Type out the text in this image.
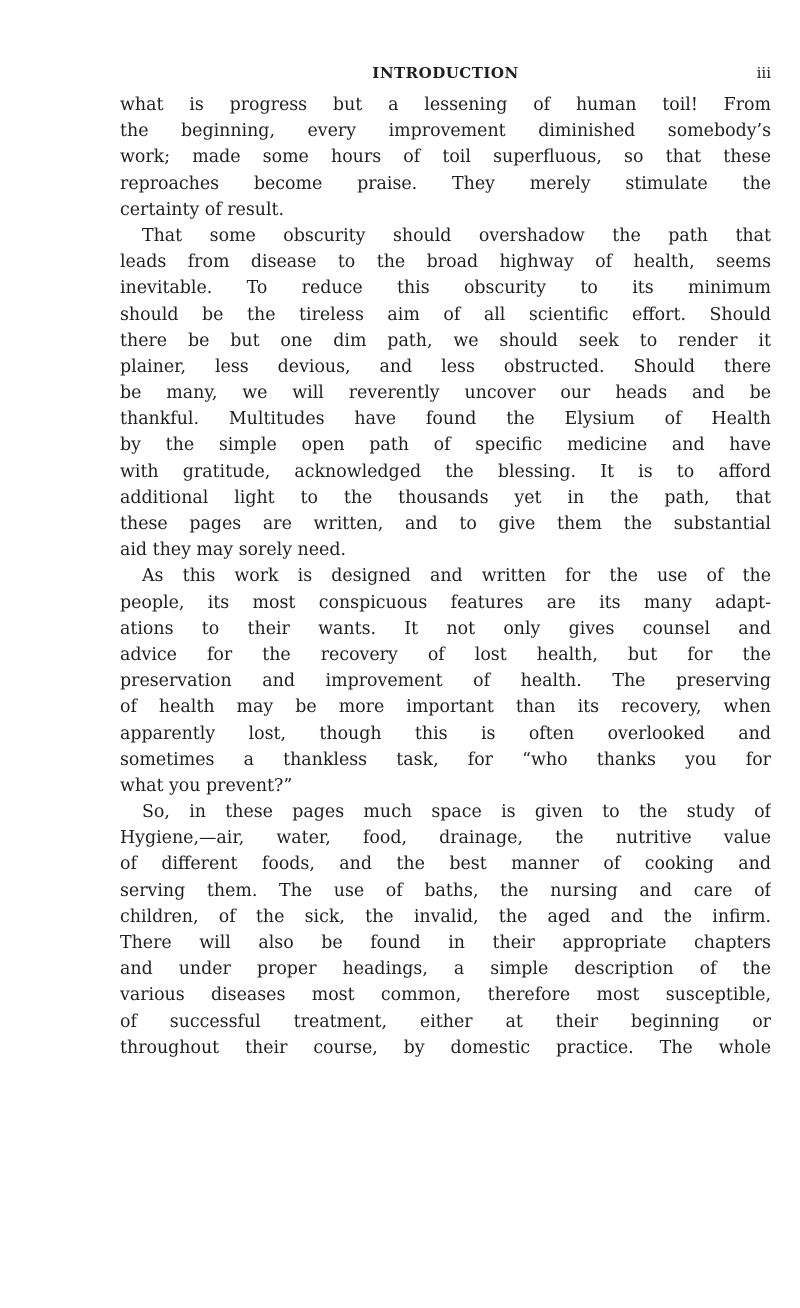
INTRODUCTION	iii
what is progress but a lessening of human toil! From
the beginning, every improvement diminished somebody’s
work; made some hours of toil superfluous, so that these
reproaches become praise. They merely stimulate the
certainty of result.
That some obscurity should overshadow the path that
leads from disease to the broad highway of health, seems
inevitable. To reduce this obscurity to its minimum
should be the tireless aim of all scientific effort. Should
there be but one dim path, we should seek to render it
plainer, less devious, and less obstructed. Should there
be many, we will reverently uncover our heads and be
thankful. Multitudes have found the Elysium of Health
by the simple open path of specific medicine and have
with gratitude, acknowledged the blessing. It is to afford
additional light to the thousands yet in the path, that
these pages are written, and to give them the substantial
aid they may sorely need.
As this work is designed and written for the use of the
people, its most conspicuous features are its many adapt-
ations to their wants. It not only gives counsel and
advice for the recovery of lost health, but for the
preservation and improvement of health. The preserving
of health may be more important than its recovery, when
apparently lost, though this is often overlooked and
sometimes a thankless task, for “who thanks you for
what you prevent?”
So, in these pages much space is given to the study of
Hygiene,—air, water, food, drainage, the nutritive value
of different foods, and the best manner of cooking and
serving them. The use of baths, the nursing and care of
children, of the sick, the invalid, the aged and the infirm.
There will also be found in their appropriate chapters
and under proper headings, a simple description of the
various diseases most common, therefore most susceptible,
of successful treatment, either at their beginning or
throughout their course, by domestic practice. The whole
